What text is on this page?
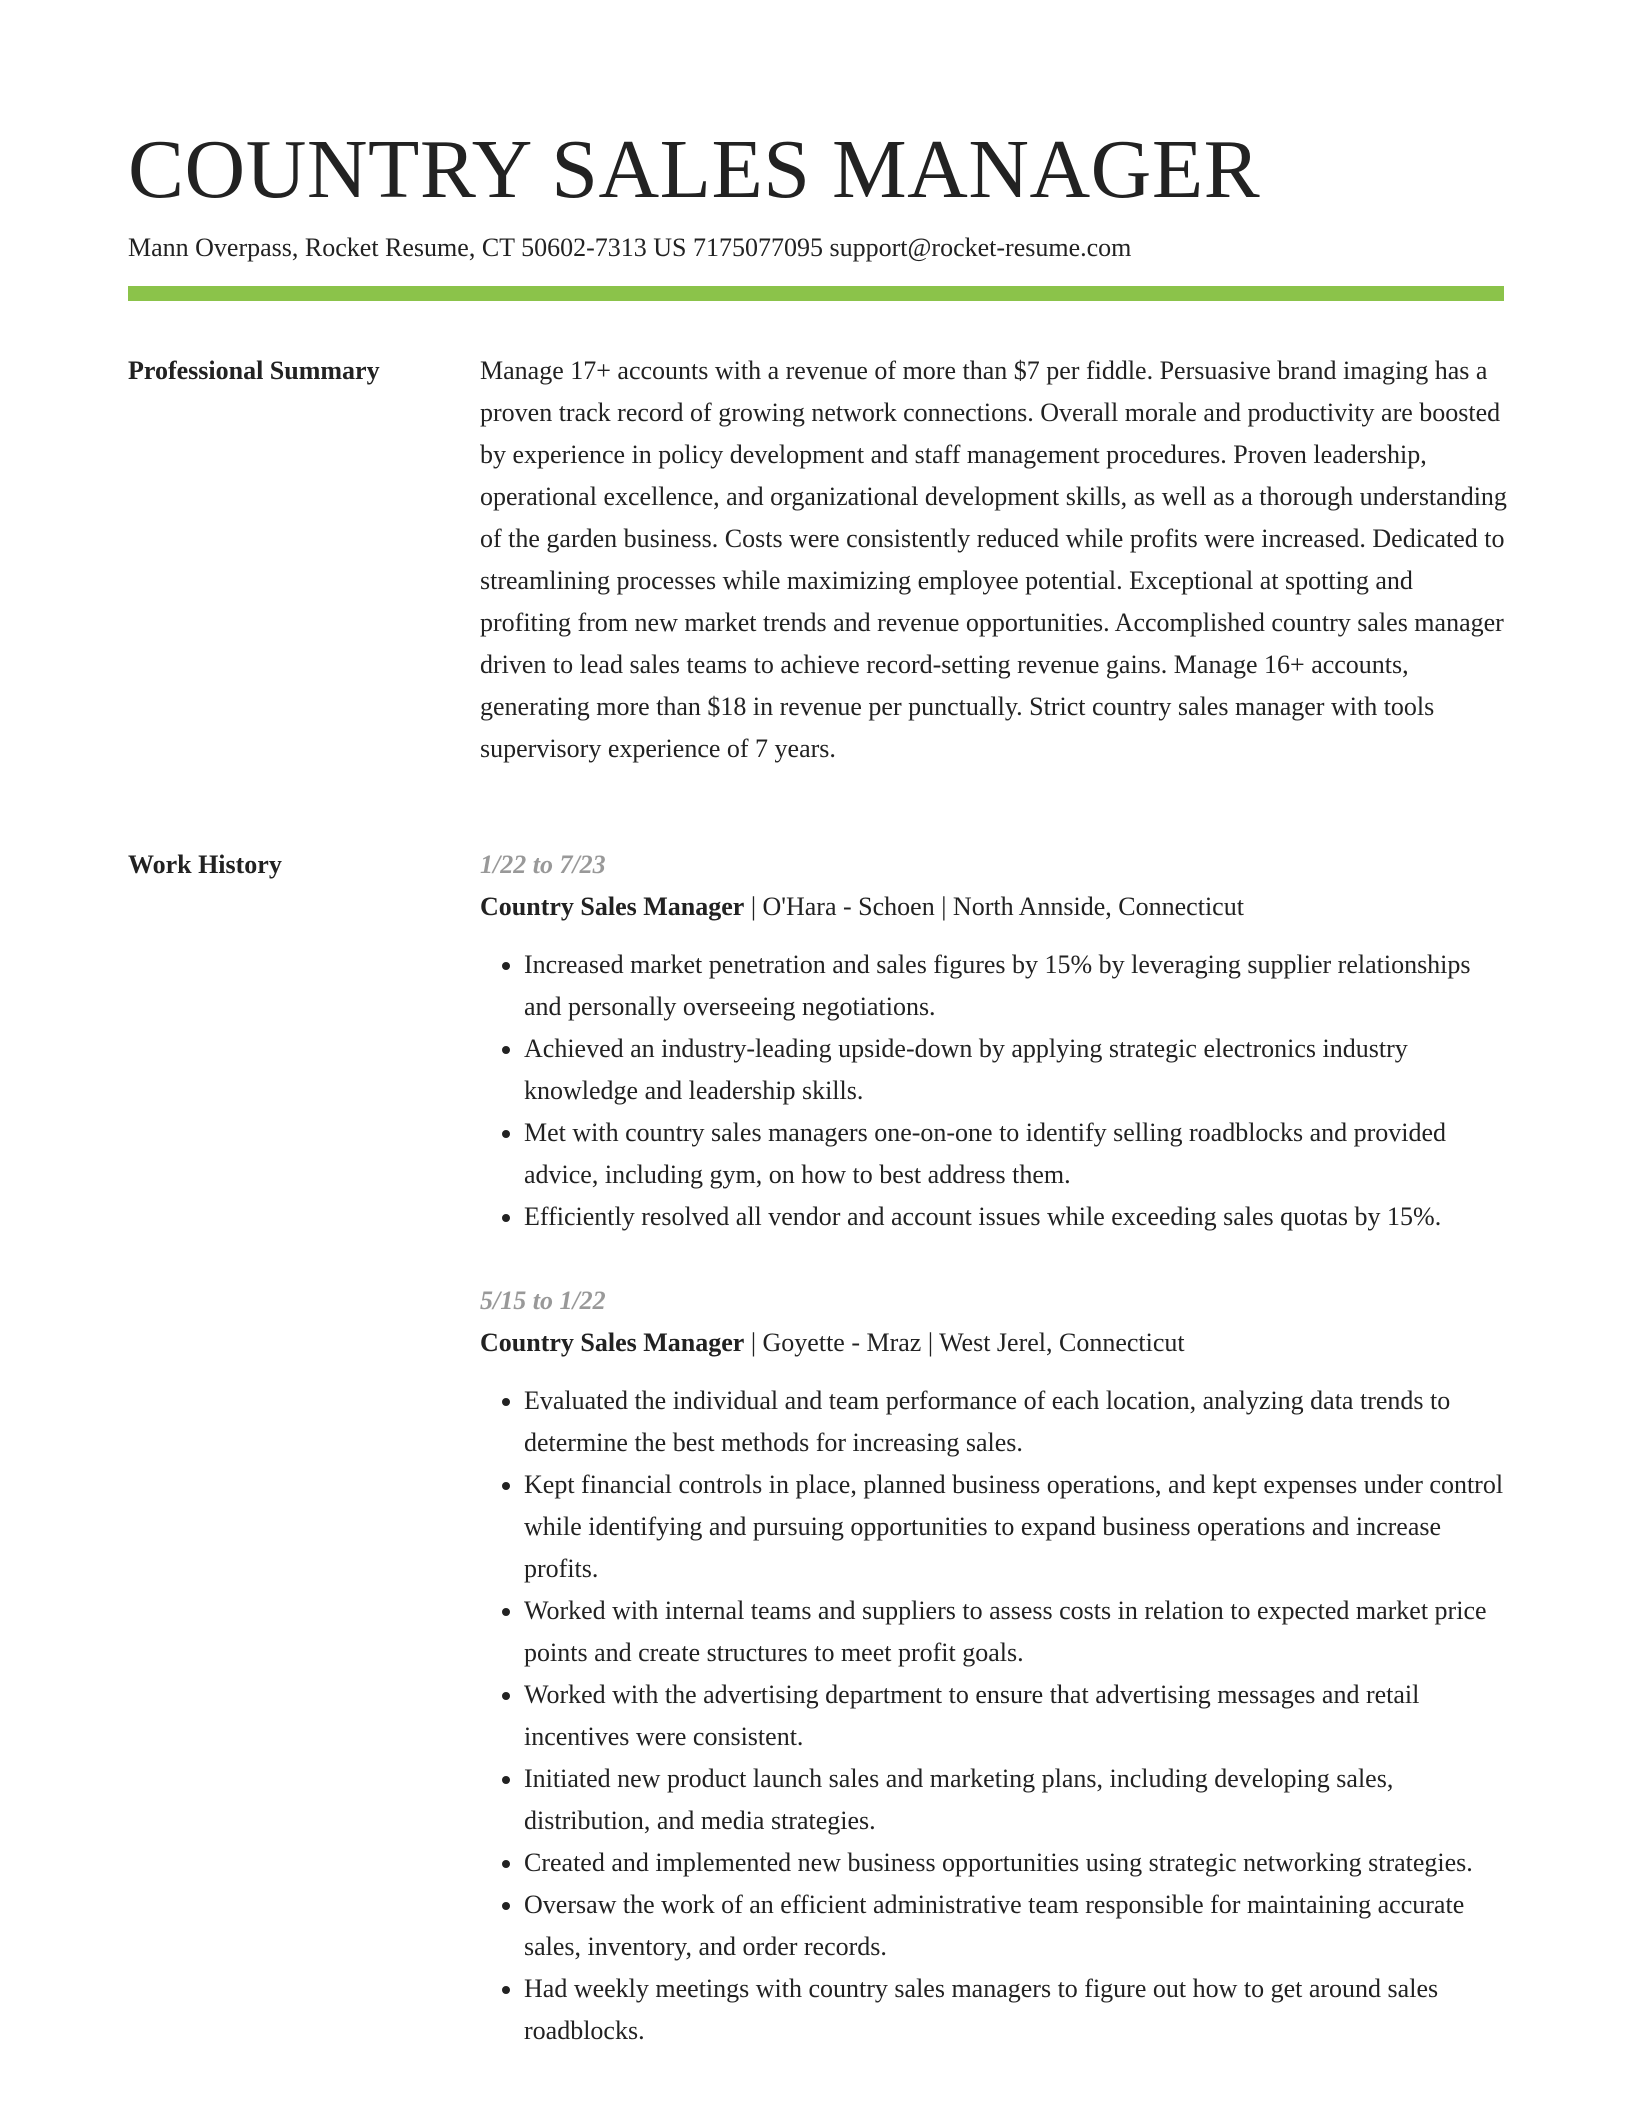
COUNTRY SALES MANAGER
Mann Overpass, Rocket Resume, CT 50602-7313 US 7175077095 support@rocket-resume.com
Professional Summary	Manage 17+ accounts with a revenue of more than $7 per fiddle. Persuasive brand imaging has a proven track record of growing network connections. Overall morale and productivity are boosted by experience in policy development and staff management procedures. Proven leadership, operational excellence, and organizational development skills, as well as a thorough understanding of the garden business. Costs were consistently reduced while profits were increased. Dedicated to streamlining processes while maximizing employee potential. Exceptional at spotting and profiting from new market trends and revenue opportunities. Accomplished country sales manager driven to lead sales teams to achieve record-setting revenue gains. Manage 16+ accounts, generating more than $18 in revenue per punctually. Strict country sales manager with tools supervisory experience of 7 years.

Work History	1/22 to 7/23
Country Sales Manager | O'Hara - Schoen | North Annside, Connecticut
• Increased market penetration and sales figures by 15% by leveraging supplier relationships and personally overseeing negotiations.
• Achieved an industry-leading upside-down by applying strategic electronics industry knowledge and leadership skills.
• Met with country sales managers one-on-one to identify selling roadblocks and provided advice, including gym, on how to best address them.
• Efficiently resolved all vendor and account issues while exceeding sales quotas by 15%.
5/15 to 1/22
Country Sales Manager | Goyette - Mraz | West Jerel, Connecticut
• Evaluated the individual and team performance of each location, analyzing data trends to determine the best methods for increasing sales.
• Kept financial controls in place, planned business operations, and kept expenses under control while identifying and pursuing opportunities to expand business operations and increase profits.
• Worked with internal teams and suppliers to assess costs in relation to expected market price points and create structures to meet profit goals.
• Worked with the advertising department to ensure that advertising messages and retail incentives were consistent.
• Initiated new product launch sales and marketing plans, including developing sales, distribution, and media strategies.
• Created and implemented new business opportunities using strategic networking strategies.
• Oversaw the work of an efficient administrative team responsible for maintaining accurate sales, inventory, and order records.
• Had weekly meetings with country sales managers to figure out how to get around sales roadblocks.
